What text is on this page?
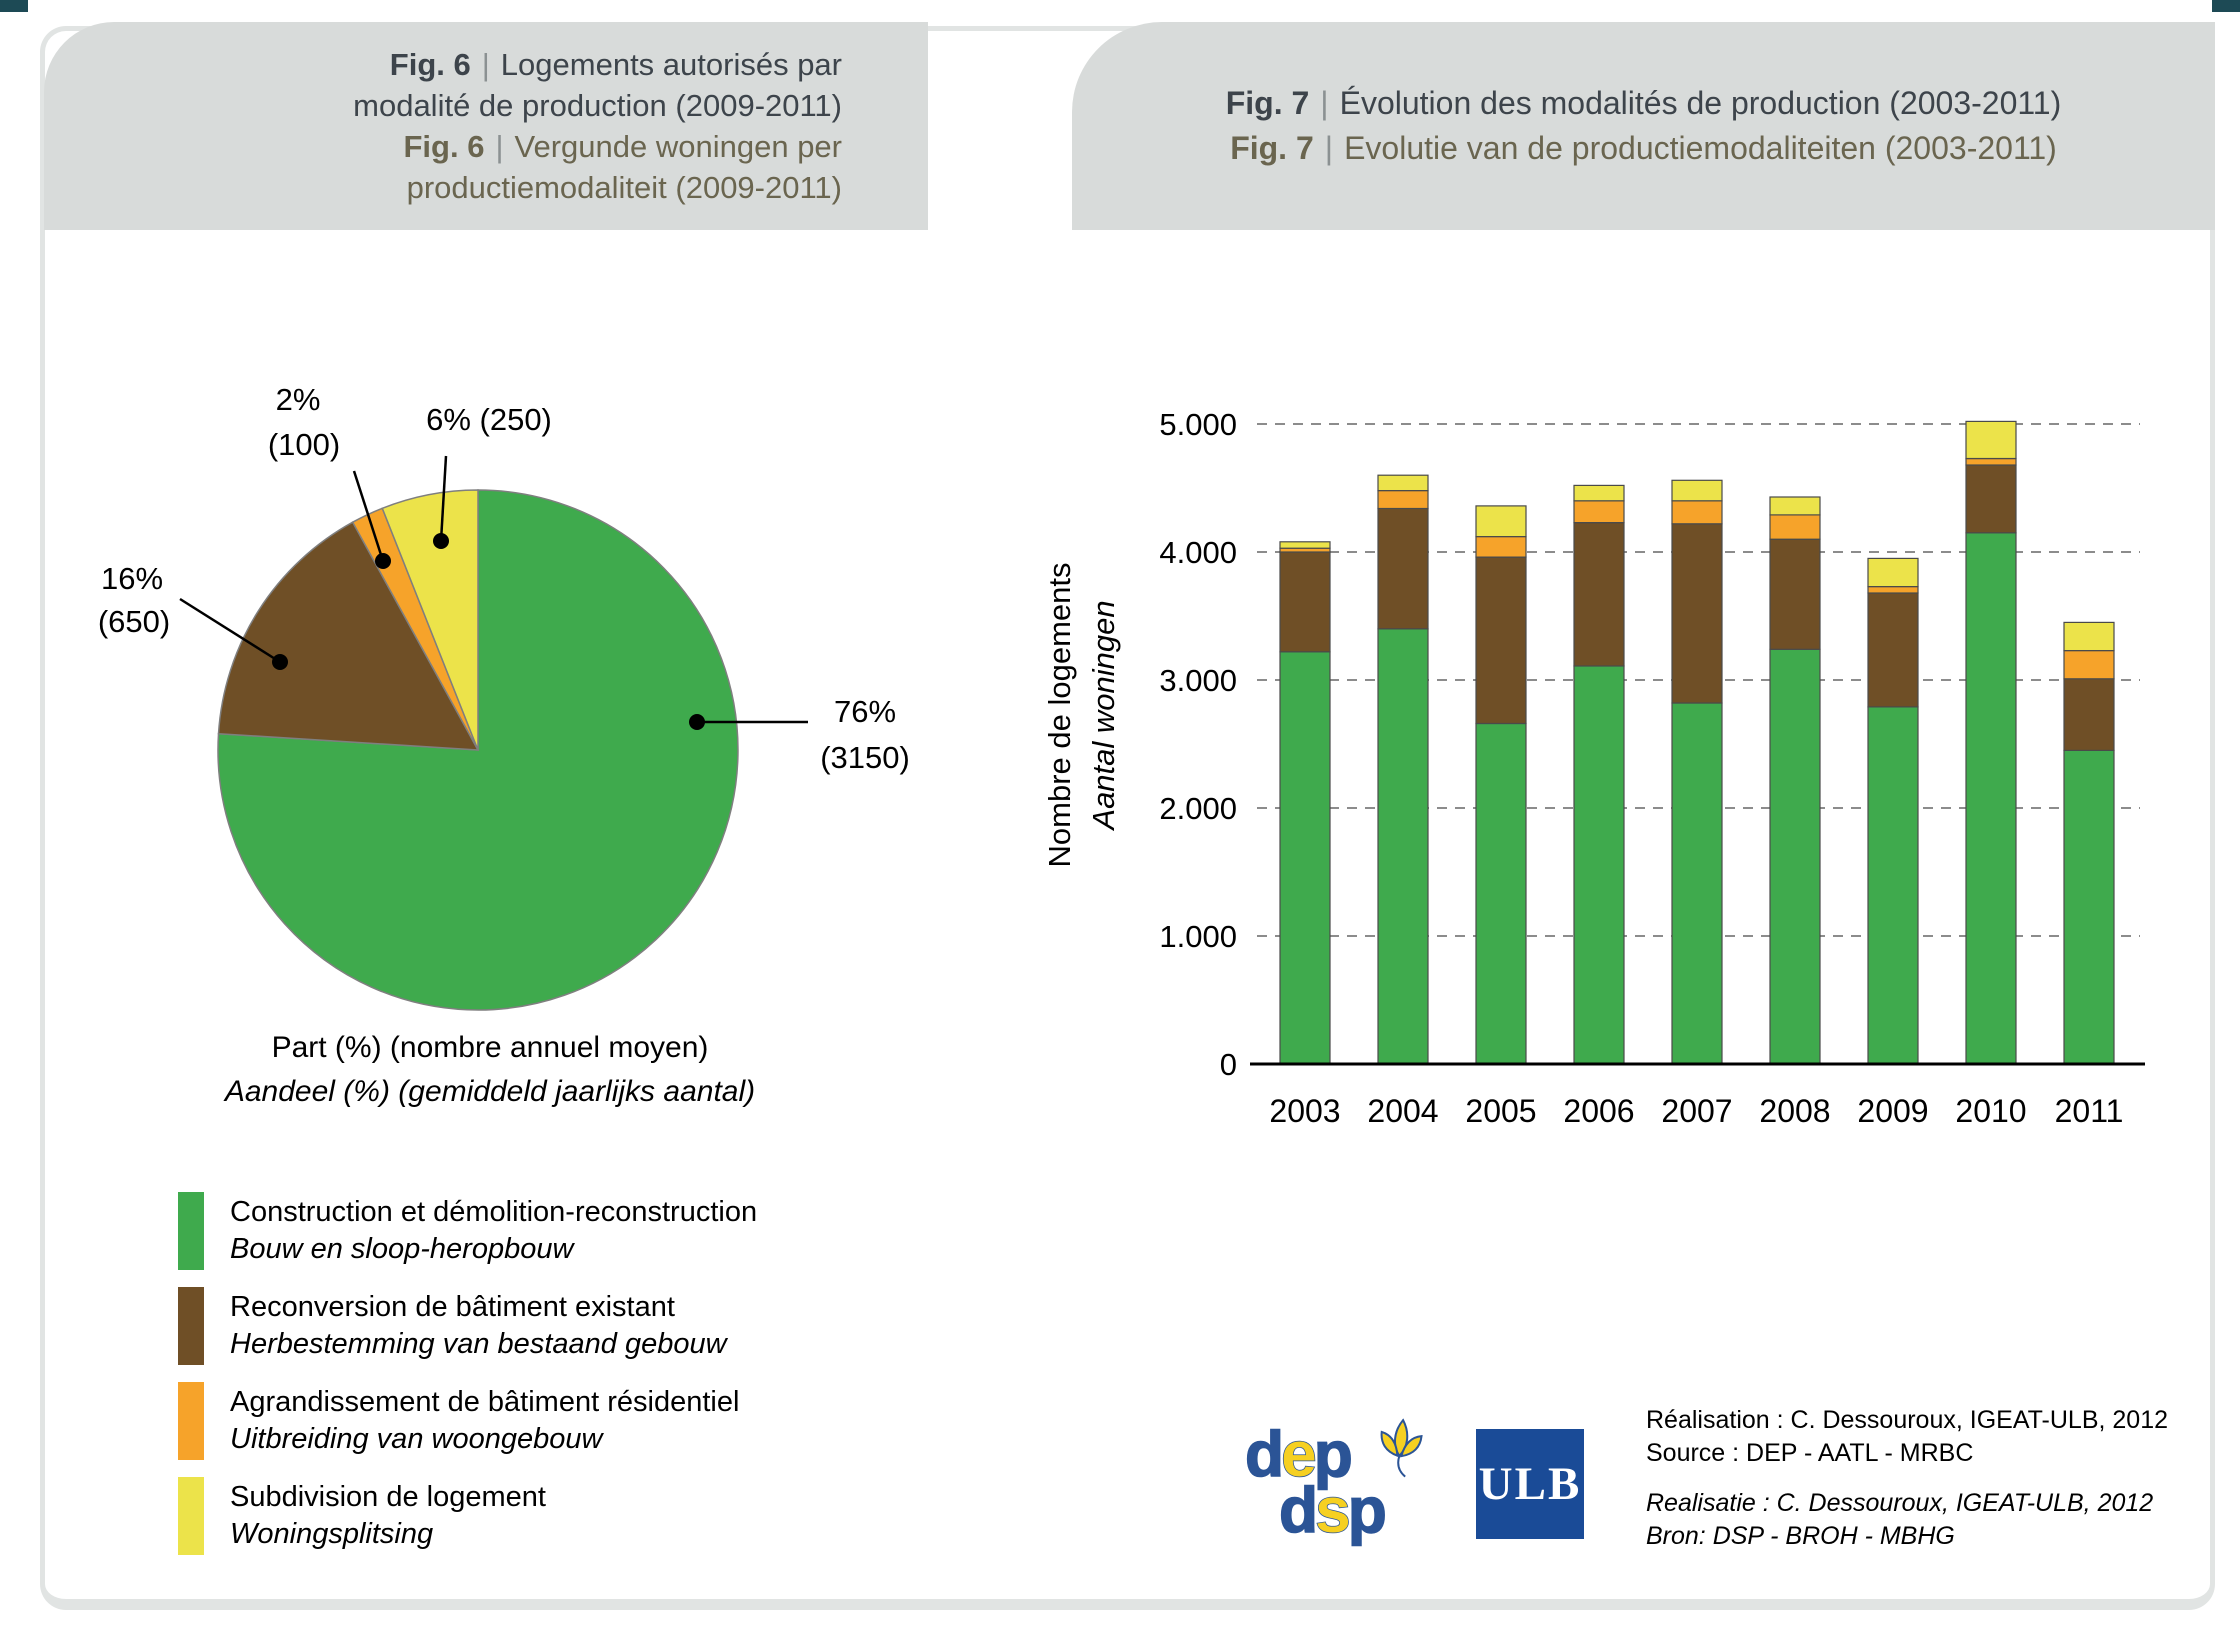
Fig. 6 | Logements autorisés par
modalité de production (2009-2011)
Fig. 6 | Vergunde woningen per
productiemodaliteit (2009-2011)
Fig. 7 | Évolution des modalités de production (2003-2011)
Fig. 7 | Evolutie van de productiemodaliteiten (2003-2011)
2%
(100)
6% (250)
16%
(650)
76%
(3150)
Part (%) (nombre annuel moyen)
Aandeel (%) (gemiddeld jaarlijks aantal)
Construction et démolition-reconstruction
Bouw en sloop-heropbouw
Reconversion de bâtiment existant
Herbestemming van bestaand gebouw
Agrandissement de bâtiment résidentiel
Uitbreiding van woongebouw
Subdivision de logement
Woningsplitsing
0
1.000
2.000
3.000
4.000
5.000
2003 2004 2005 2006 2007 2008 2009 2010 2011
Nombre de logements Aantal woningen
dep
dsp ULB
Réalisation : C. Dessouroux, IGEAT-ULB, 2012
Source : DEP - AATL - MRBC
Realisatie : C. Dessouroux, IGEAT-ULB, 2012
Bron: DSP - BROH - MBHG
